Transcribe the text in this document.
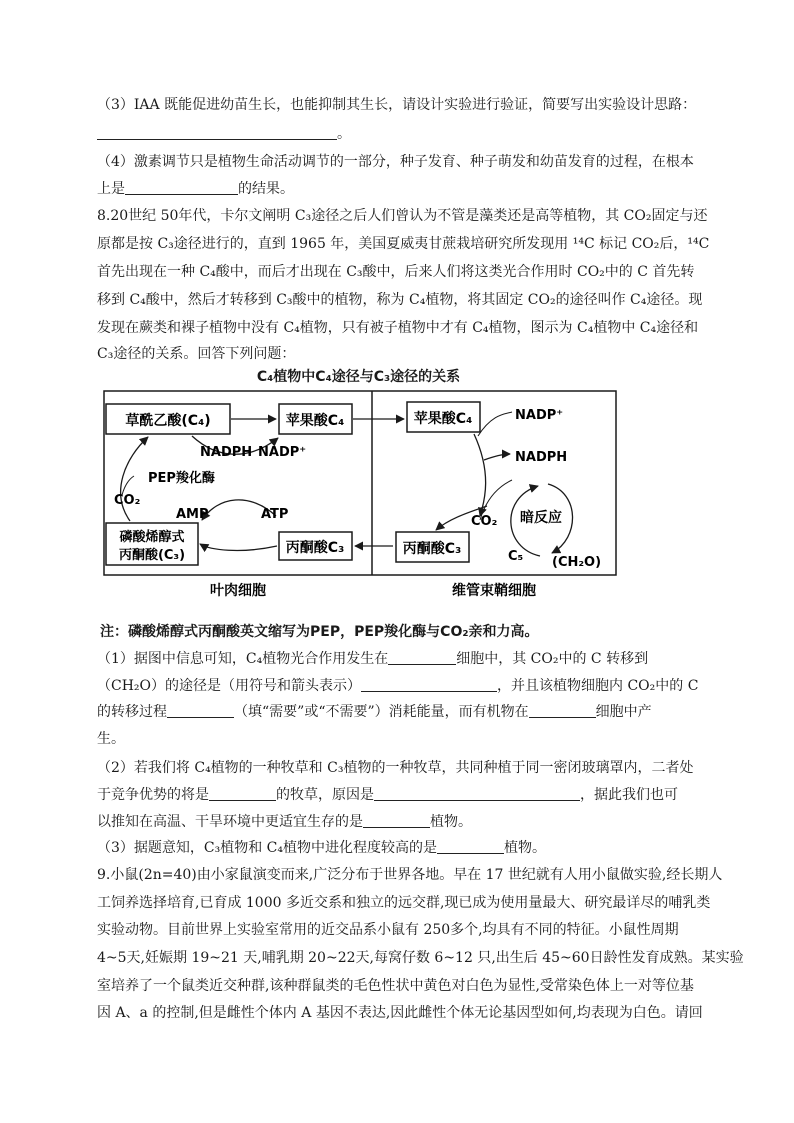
（3）IAA 既能促进幼苗生长，也能抑制其生长，请设计实验进行验证，简要写出实验设计思路：
。
（4）激素调节只是植物生命活动调节的一部分，种子发育、种子萌发和幼苗发育的过程，在根本
上是	的结果。
8.20世纪 50年代，卡尔文阐明 C₃途径之后人们曾认为不管是藻类还是高等植物，其 CO₂固定与还
原都是按 C₃途径进行的，直到 1965 年，美国夏威夷甘蔗栽培研究所发现用 ¹⁴C 标记 CO₂后，¹⁴C
首先出现在一种 C₄酸中，而后才出现在 C₃酸中，后来人们将这类光合作用时 CO₂中的 C 首先转
移到 C₄酸中，然后才转移到 C₃酸中的植物，称为 C₄植物，将其固定 CO₂的途径叫作 C₄途径。现
发现在蕨类和裸子植物中没有 C₄植物，只有被子植物中才有 C₄植物，图示为 C₄植物中 C₄途径和
C₃途径的关系。回答下列问题：
C₄植物中C₄途径与C₃途径的关系
草酰乙酸(C₄)	苹果酸C₄	苹果酸C₄
磷酸烯醇式
丙酮酸(C₃)	丙酮酸C₃	丙酮酸C₃
NADPH NADP⁺
PEP羧化酶
CO₂
AMP	ATP
NADP⁺
NADPH
CO₂ 暗反应
C₅ (CH₂O)
叶肉细胞	维管束鞘细胞
注：磷酸烯醇式丙酮酸英文缩写为PEP，PEP羧化酶与CO₂亲和力高。
（1）据图中信息可知，C₄植物光合作用发生在	细胞中，其 CO₂中的 C 转移到
（CH₂O）的途径是（用符号和箭头表示）	，并且该植物细胞内 CO₂中的 C
的转移过程	（填“需要”或“不需要”）消耗能量，而有机物在	细胞中产
生。
（2）若我们将 C₄植物的一种牧草和 C₃植物的一种牧草，共同种植于同一密闭玻璃罩内，二者处
于竞争优势的将是	的牧草，原因是	，据此我们也可
以推知在高温、干旱环境中更适宜生存的是	植物。
（3）据题意知，C₃植物和 C₄植物中进化程度较高的是	植物。
9.小鼠(2n=40)由小家鼠演变而来,广泛分布于世界各地。早在 17 世纪就有人用小鼠做实验,经长期人
工饲养选择培育,已育成 1000 多近交系和独立的远交群,现已成为使用量最大、研究最详尽的哺乳类
实验动物。目前世界上实验室常用的近交品系小鼠有 250多个,均具有不同的特征。小鼠性周期
4~5天,妊娠期 19~21 天,哺乳期 20~22天,每窝仔数 6~12 只,出生后 45~60日龄性发育成熟。某实验
室培养了一个鼠类近交种群,该种群鼠类的毛色性状中黄色对白色为显性,受常染色体上一对等位基
因 A、a 的控制,但是雌性个体内 A 基因不表达,因此雌性个体无论基因型如何,均表现为白色。请回
